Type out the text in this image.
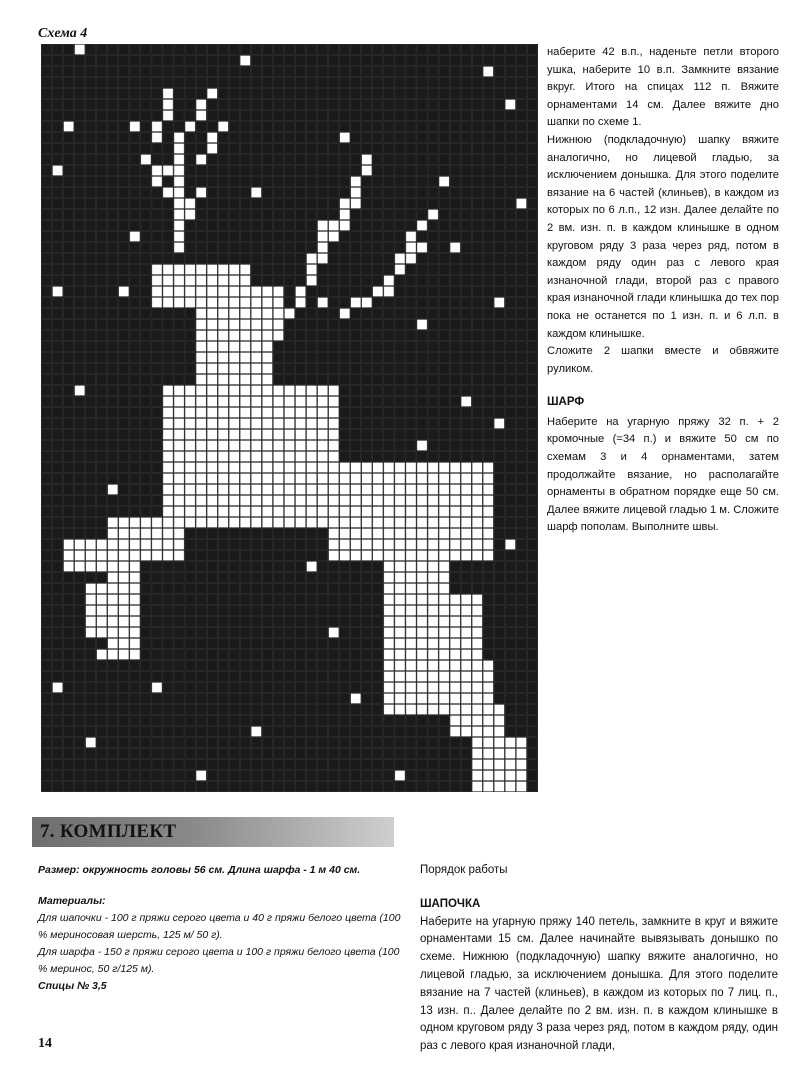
Схема 4

наберите 42 в.п., наденьте петли второго ушка, наберите 10 в.п. Замкните вязание вкруг. Итого на спицах 112 п. Вяжите орнаментами 14 см. Далее вяжите дно шапки по схеме 1.

Нижнюю (подкладочную) шапку вяжите аналогично, но лицевой гладью, за исключением донышка. Для этого поделите вязание на 6 частей (клиньев), в каждом из которых по 6 л.п., 12 изн. Далее делайте по 2 вм. изн. п. в каждом клинышке в одном круговом ряду 3 раза через ряд, потом в каждом ряду один раз с левого края изнаночной глади, второй раз с правого края изнаночной глади клинышка до тех пор пока не останется по 1 изн. п. и 6 л.п. в каждом клинышке.

Сложите 2 шапки вместе и обвяжите руликом.

ШАРФ

Наберите на угарную пряжу 32 п. + 2 кромочные (=34 п.) и вяжите 50 см по схемам 3 и 4 орнаментами, затем продолжайте вязание, но располагайте орнаменты в обратном порядке еще 50 см. Далее вяжите лицевой гладью 1 м. Сложите шарф пополам. Выполните швы.

7. КОМПЛЕКТ

Размер: окружность головы 56 см. Длина шарфа - 1 м 40 см.

Материалы:

Для шапочки - 100 г пряжи серого цвета и 40 г пряжи белого цвета (100 % мериносовая шерсть, 125 м/ 50 г).

Для шарфа - 150 г пряжи серого цвета и 100 г пряжи белого цвета (100 % меринос, 50 г/125 м).

Спицы № 3,5

Порядок работы

ШАПОЧКА

Наберите на угарную пряжу 140 петель, замкните в круг и вяжите орнаментами 15 см. Далее начинайте вывязывать донышко по схеме. Нижнюю (подкладочную) шапку вяжите аналогично, но лицевой гладью, за исключением донышка. Для этого поделите вязание на 7 частей (клиньев), в каждом из которых по 7 лиц. п., 13 изн. п.. Далее делайте по 2 вм. изн. п. в каждом клинышке в одном круговом ряду 3 раза через ряд, потом в каждом ряду, один раз с левого края изнаночной глади,

14
